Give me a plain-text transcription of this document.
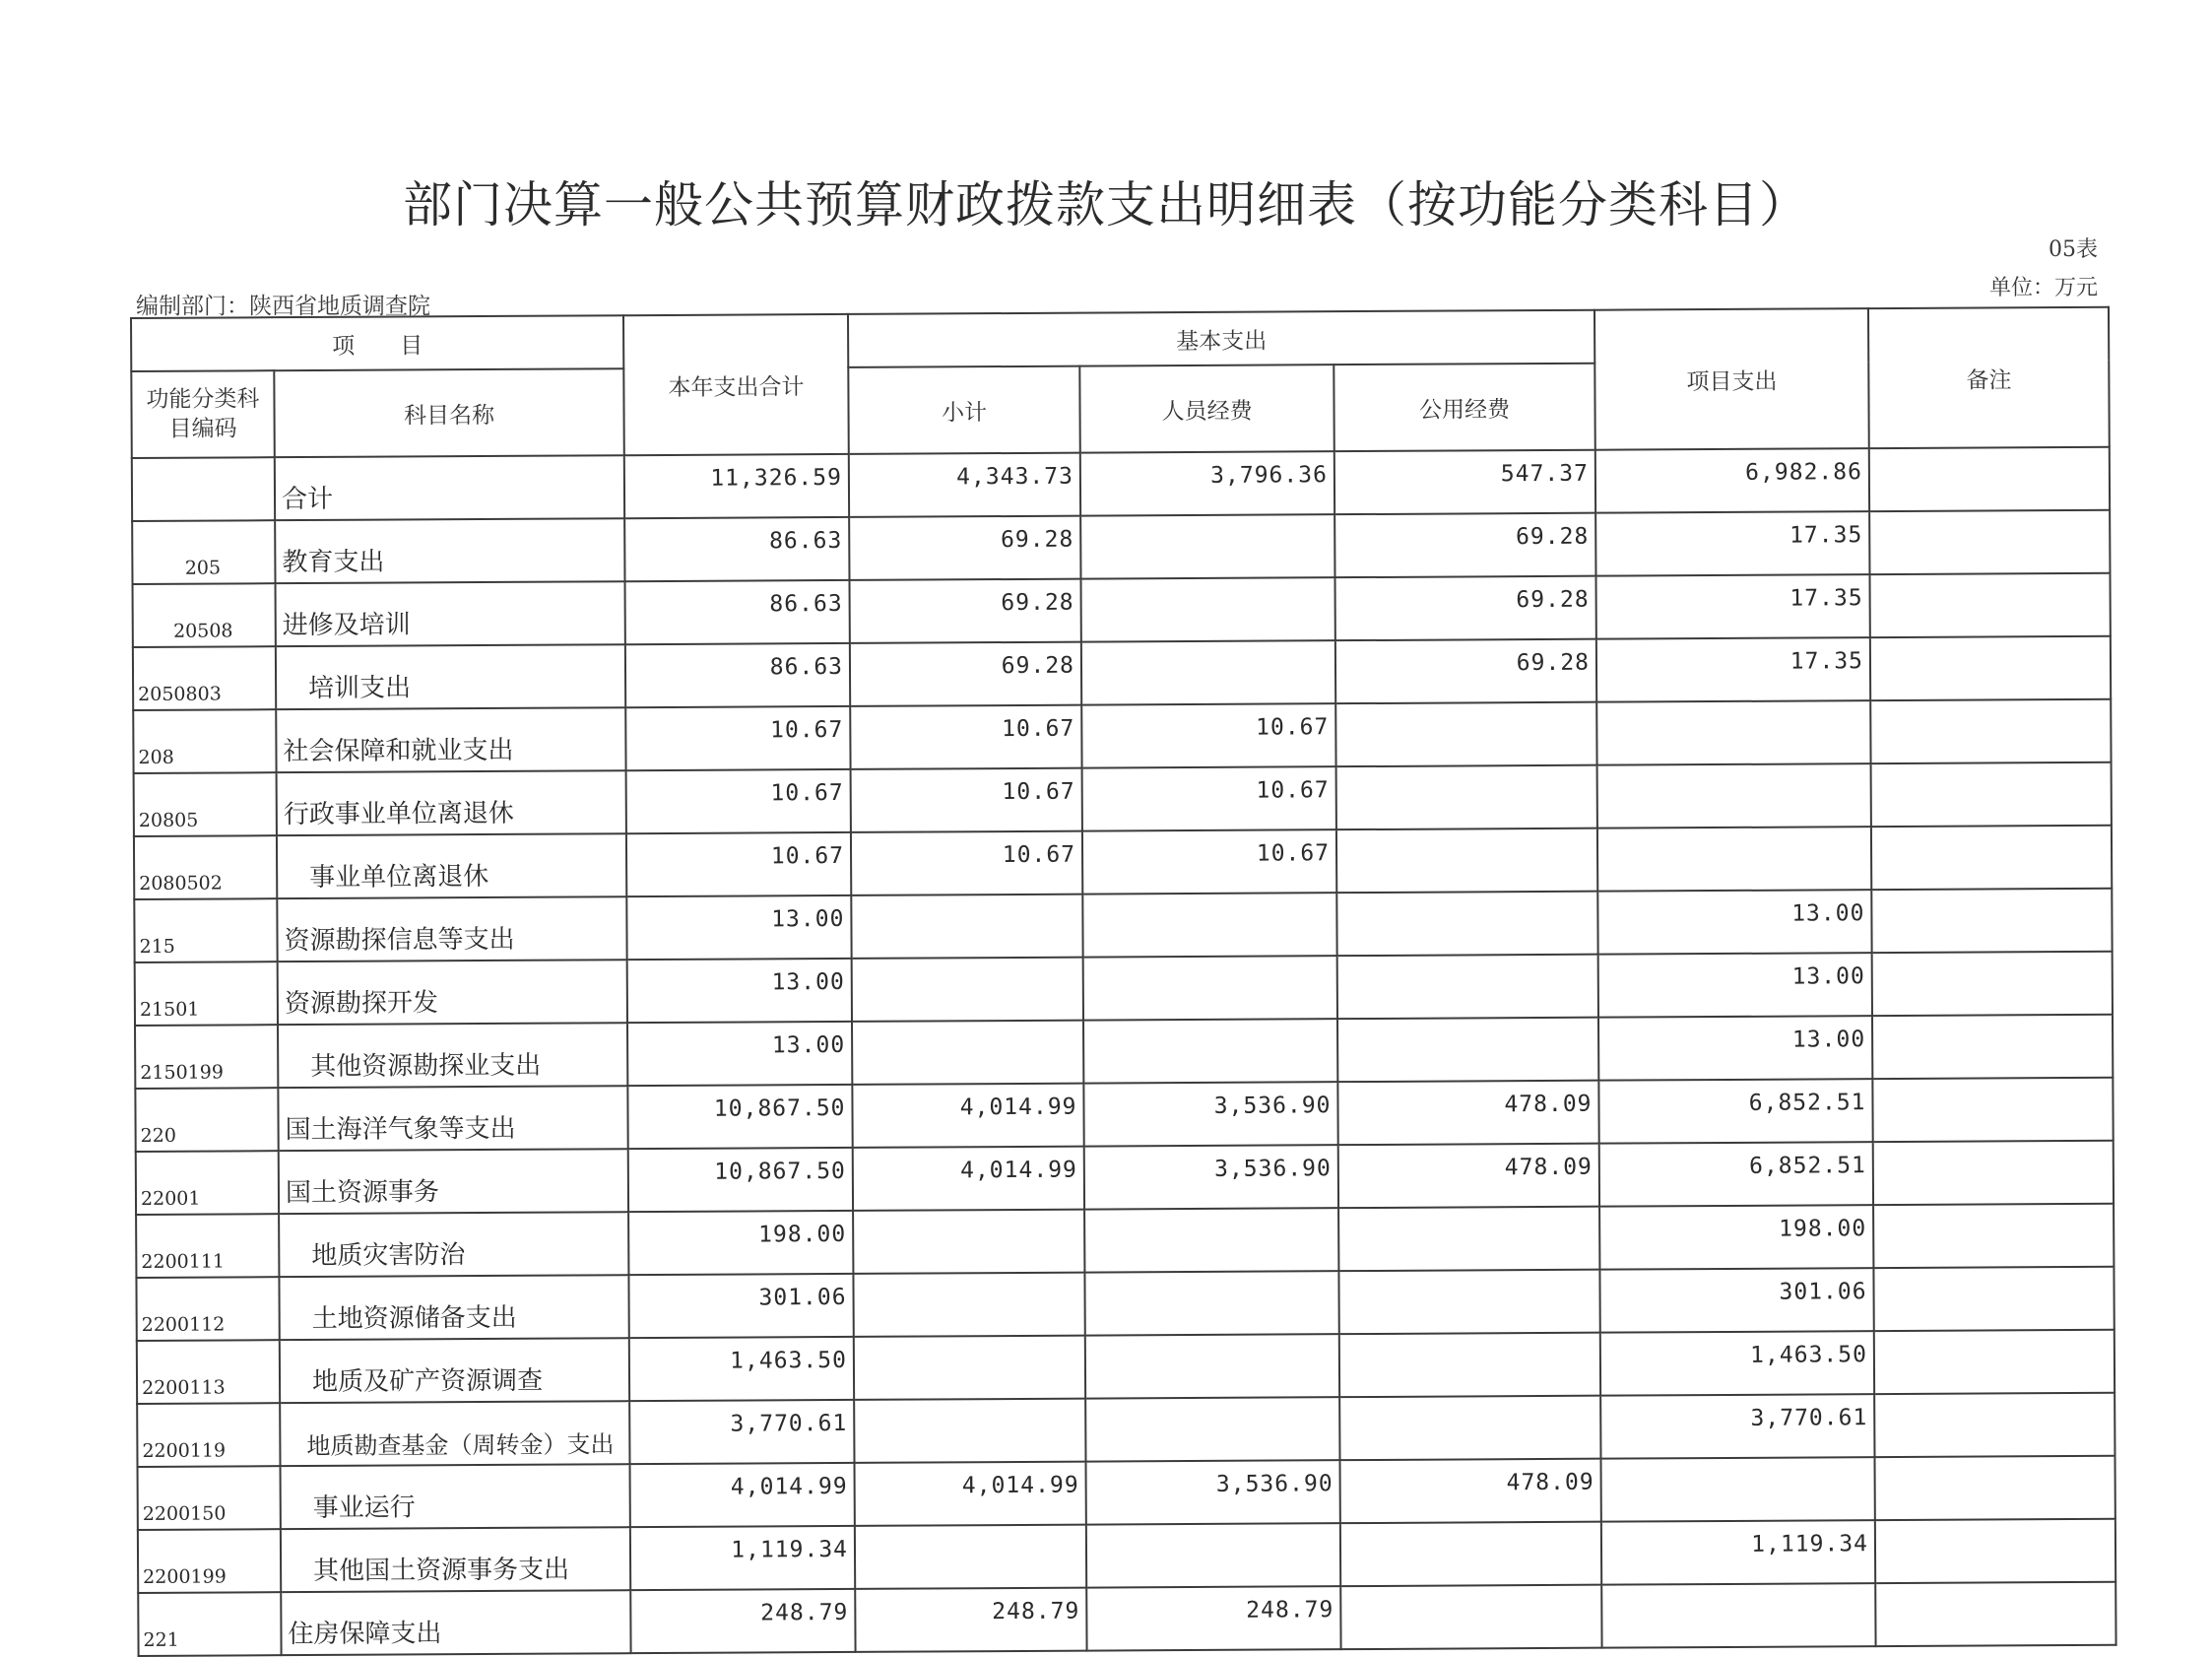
部门决算一般公共预算财政拨款支出明细表（按功能分类科目）
05表
单位：万元
编制部门：陕西省地质调查院
项　　目		本年支出合计	基本支出			项目支出	备注
功能分类科目编码	科目名称		小计	人员经费	公用经费		
	合计	11,326.59	4,343.73	3,796.36	547.37	6,982.86	
205	教育支出	86.63	69.28		69.28	17.35	
20508	进修及培训	86.63	69.28		69.28	17.35	
2050803	培训支出	86.63	69.28		69.28	17.35	
208	社会保障和就业支出	10.67	10.67	10.67			
20805	行政事业单位离退休	10.67	10.67	10.67			
2080502	事业单位离退休	10.67	10.67	10.67			
215	资源勘探信息等支出	13.00				13.00	
21501	资源勘探开发	13.00				13.00	
2150199	其他资源勘探业支出	13.00				13.00	
220	国土海洋气象等支出	10,867.50	4,014.99	3,536.90	478.09	6,852.51	
22001	国土资源事务	10,867.50	4,014.99	3,536.90	478.09	6,852.51	
2200111	地质灾害防治	198.00				198.00	
2200112	土地资源储备支出	301.06				301.06	
2200113	地质及矿产资源调查	1,463.50				1,463.50	
2200119	地质勘查基金（周转金）支出	3,770.61				3,770.61	
2200150	事业运行	4,014.99	4,014.99	3,536.90	478.09		
2200199	其他国土资源事务支出	1,119.34				1,119.34	
221	住房保障支出	248.79	248.79	248.79			
